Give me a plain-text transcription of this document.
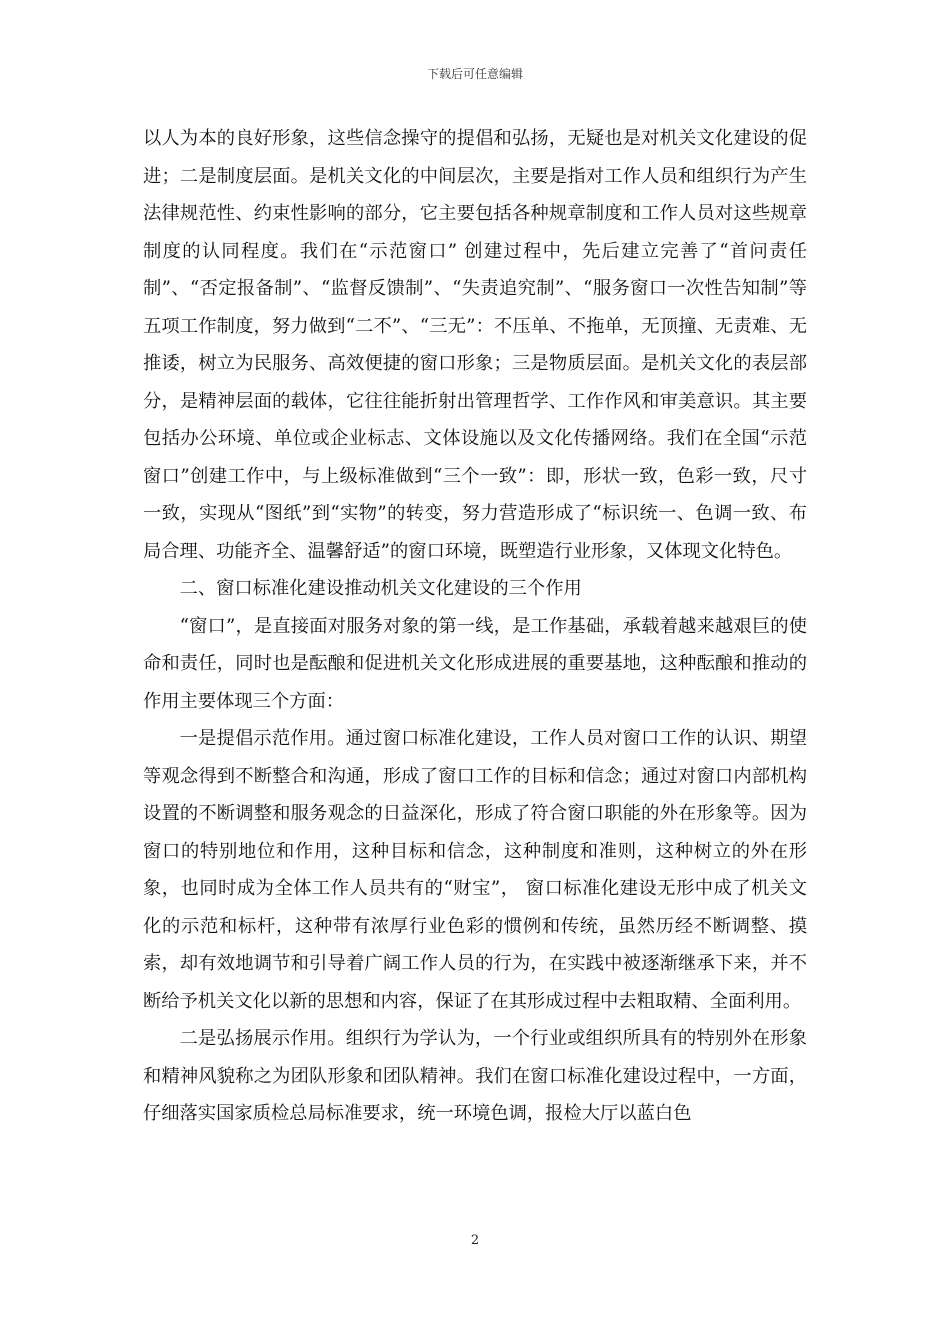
下载后可任意编辑

以人为本的良好形象，这些信念操守的提倡和弘扬，无疑也是对机关文化建设的促进；二是制度层面。是机关文化的中间层次，主要是指对工作人员和组织行为产生法律规范性、约束性影响的部分，它主要包括各种规章制度和工作人员对这些规章制度的认同程度。我们在“示范窗口” 创建过程中，先后建立完善了“首问责任制”、“否定报备制”、“监督反馈制”、“失责追究制”、“服务窗口一次性告知制”等五项工作制度，努力做到“二不”、“三无”：不压单、不拖单，无顶撞、无责难、无推诿，树立为民服务、高效便捷的窗口形象；三是物质层面。是机关文化的表层部分，是精神层面的载体，它往往能折射出管理哲学、工作作风和审美意识。其主要包括办公环境、单位或企业标志、文体设施以及文化传播网络。我们在全国“示范窗口”创建工作中，与上级标准做到“三个一致”：即，形状一致，色彩一致，尺寸一致，实现从“图纸”到“实物”的转变，努力营造形成了“标识统一、色调一致、布局合理、功能齐全、温馨舒适”的窗口环境，既塑造行业形象，又体现文化特色。

二、窗口标准化建设推动机关文化建设的三个作用

“窗口”，是直接面对服务对象的第一线，是工作基础，承载着越来越艰巨的使命和责任，同时也是酝酿和促进机关文化形成进展的重要基地，这种酝酿和推动的作用主要体现三个方面：

一是提倡示范作用。通过窗口标准化建设，工作人员对窗口工作的认识、期望等观念得到不断整合和沟通，形成了窗口工作的目标和信念；通过对窗口内部机构设置的不断调整和服务观念的日益深化，形成了符合窗口职能的外在形象等。因为窗口的特别地位和作用，这种目标和信念，这种制度和准则，这种树立的外在形象，也同时成为全体工作人员共有的“财宝”， 窗口标准化建设无形中成了机关文化的示范和标杆，这种带有浓厚行业色彩的惯例和传统，虽然历经不断调整、摸索，却有效地调节和引导着广阔工作人员的行为，在实践中被逐渐继承下来，并不断给予机关文化以新的思想和内容，保证了在其形成过程中去粗取精、全面利用。

二是弘扬展示作用。组织行为学认为，一个行业或组织所具有的特别外在形象和精神风貌称之为团队形象和团队精神。我们在窗口标准化建设过程中，一方面，仔细落实国家质检总局标准要求，统一环境色调，报检大厅以蓝白色

2
